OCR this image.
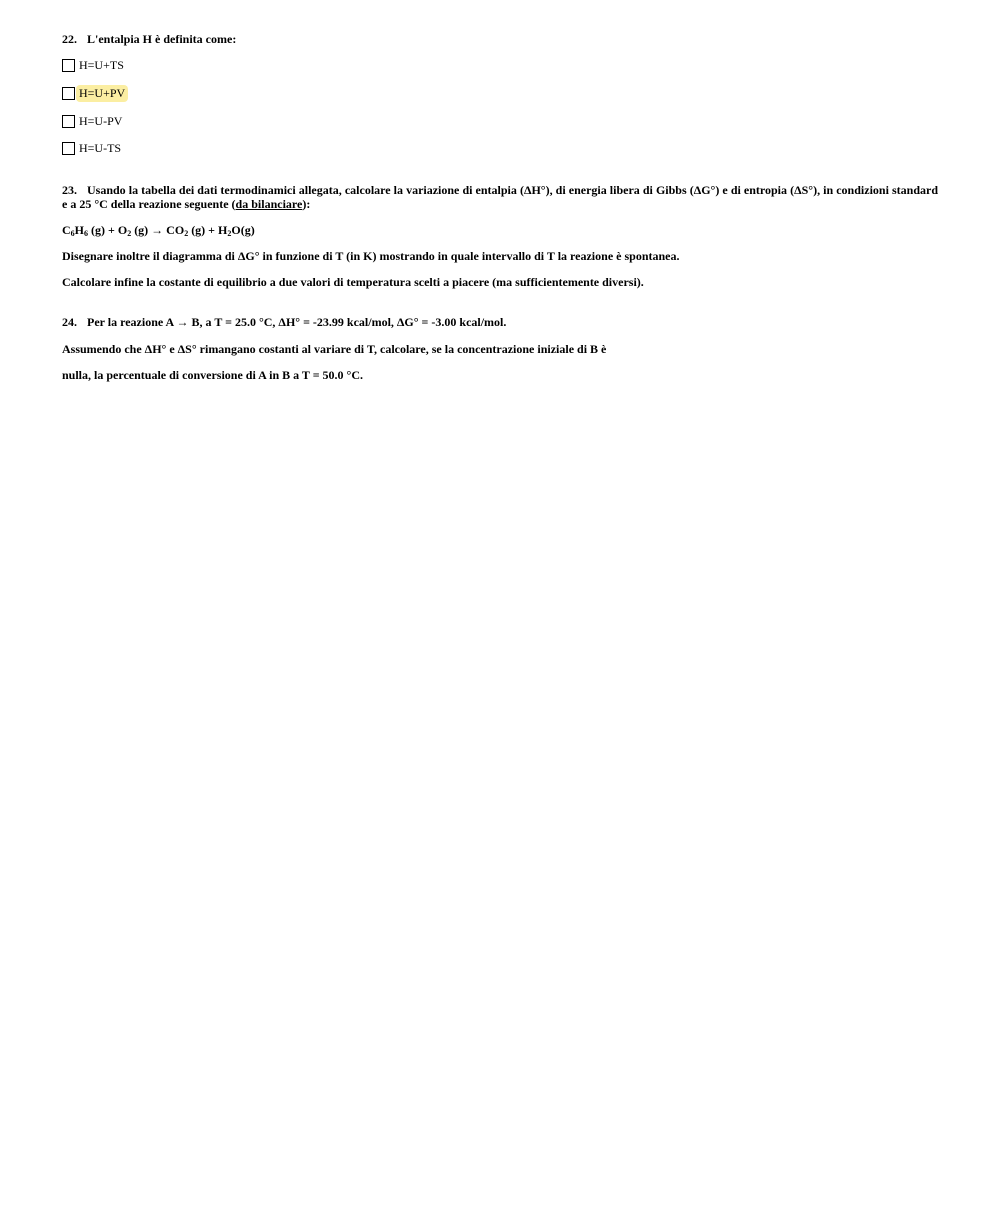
22. L'entalpia H è definita come:
H=U+TS
H=U+PV
H=U-PV
H=U-TS
23. Usando la tabella dei dati termodinamici allegata, calcolare la variazione di entalpia (ΔH°), di energia libera di Gibbs (ΔG°) e di entropia (ΔS°), in condizioni standard e a 25 °C della reazione seguente (da bilanciare):
$C_6H_6$ $(g) + O_2$ $(g) \to CO_2$ $(g) + H_2O(g)$
Disegnare inoltre il diagramma di ΔG° in funzione di T (in K) mostrando in quale intervallo di T la reazione è spontanea.
Calcolare infine la costante di equilibrio a due valori di temperatura scelti a piacere (ma sufficientemente diversi).
24. Per la reazione A → B, a T = 25.0 °C, ΔH° = -23.99 kcal/mol, ΔG° = -3.00 kcal/mol.
Assumendo che ΔH° e ΔS° rimangano costanti al variare di T, calcolare, se la concentrazione iniziale di B è
nulla, la percentuale di conversione di A in B a T = 50.0 °C.
